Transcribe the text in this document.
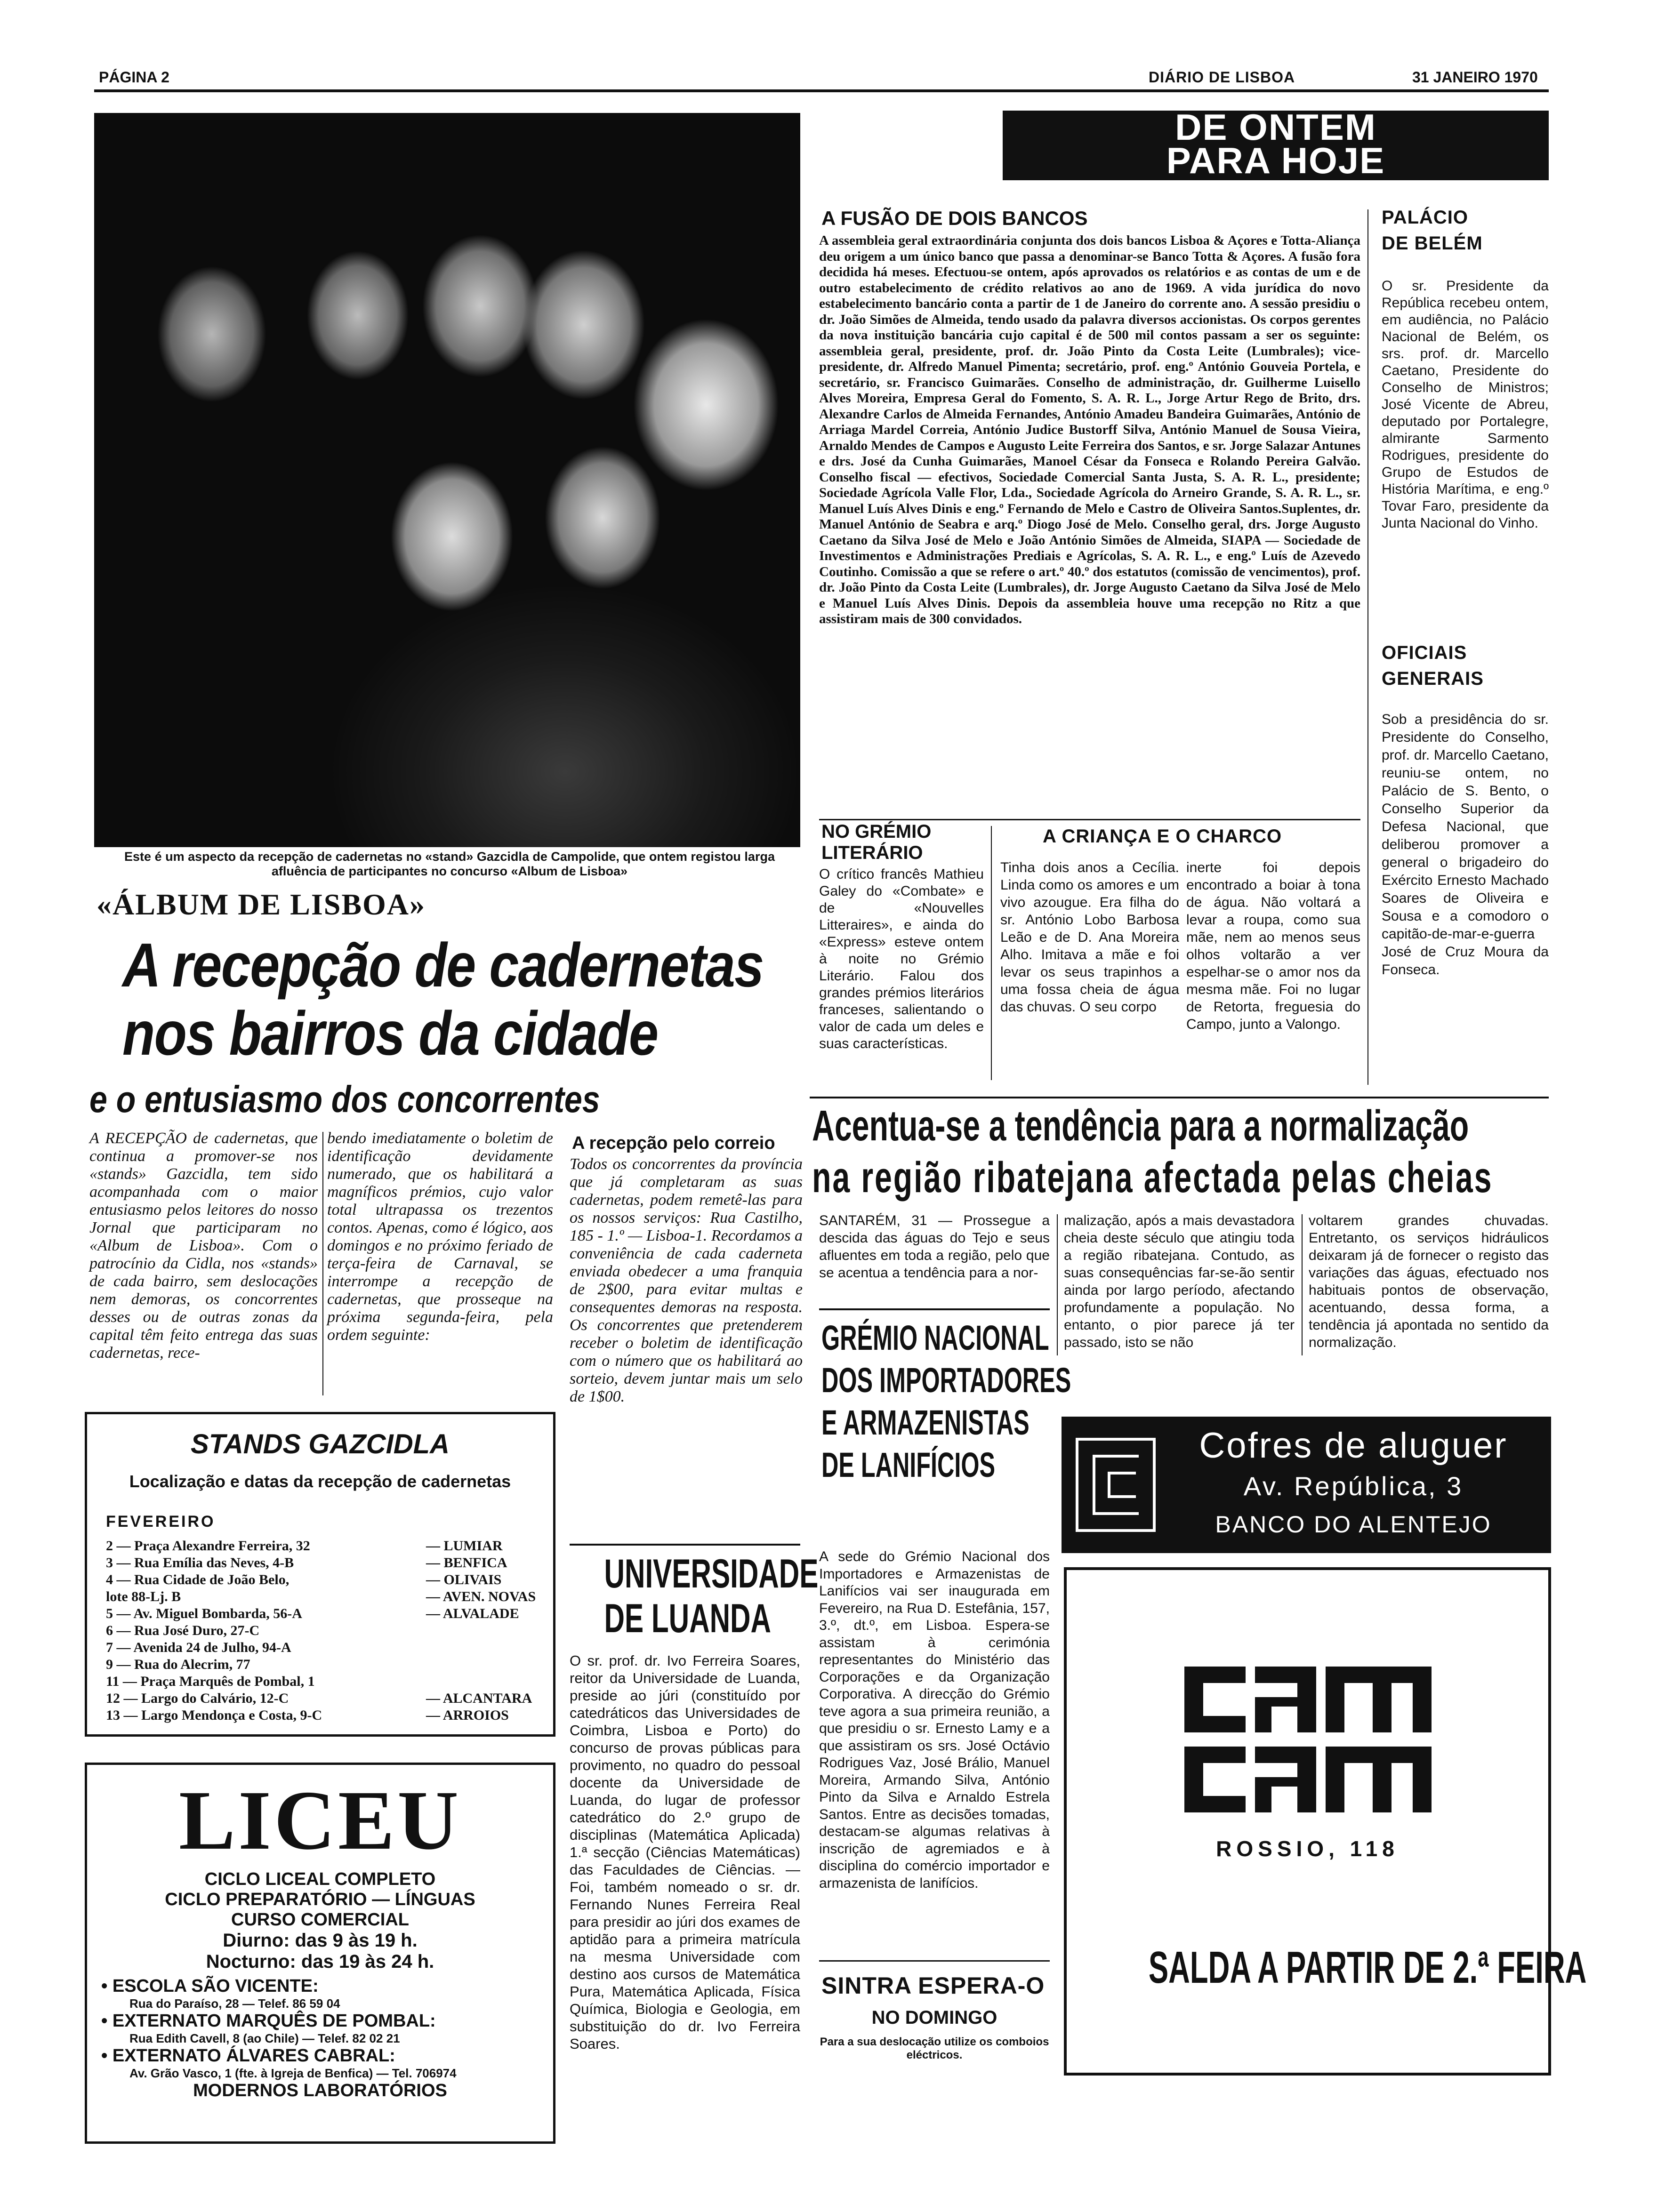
PÁGINA 2	DIÁRIO DE LISBOA	31 JANEIRO 1970
Este é um aspecto da recepção de cadernetas no «stand» Gazcidla de Campolide, que ontem registou larga afluência de participantes no concurso «Album de Lisboa»
«ÁLBUM DE LISBOA»
A recepção de cadernetas
nos bairros da cidade
e o entusiasmo dos concorrentes
A RECEPÇÃO de cadernetas, que continua a promover-se nos «stands» Gazcidla, tem sido acompanhada com o maior entusiasmo pelos leitores do nosso Jornal que participaram no «Album de Lisboa». Com o patrocínio da Cidla, nos «stands» de cada bairro, sem deslocações nem demoras, os concorrentes desses ou de outras zonas da capital têm feito entrega das suas cadernetas, rece-
bendo imediatamente o boletim de identificação devidamente numerado, que os habilitará a magníficos prémios, cujo valor total ultrapassa os trezentos contos. Apenas, como é lógico, aos domingos e no próximo feriado de terça-feira de Carnaval, se interrompe a recepção de cadernetas, que prosseque na próxima segunda-feira, pela ordem seguinte:
A recepção pelo correio
Todos os concorrentes da província que já completaram as suas cadernetas, podem remetê-las para os nossos serviços: Rua Castilho, 185 - 1.º — Lisboa-1. Recordamos a conveniência de cada caderneta enviada obedecer a uma franquia de 2$00, para evitar multas e consequentes demoras na resposta. Os concorrentes que pretenderem receber o boletim de identificação com o número que os habilitará ao sorteio, devem juntar mais um selo de 1$00.
STANDS GAZCIDLA
Localização e datas da recepção de cadernetas
FEVEREIRO
2 — Praça Alexandre Ferreira, 32	— LUMIAR
3 — Rua Emília das Neves, 4-B	— BENFICA
4 — Rua Cidade de João Belo,	— OLIVAIS
lote 88-Lj. B	— AVEN. NOVAS
5 — Av. Miguel Bombarda, 56-A	— ALVALADE
6 — Rua José Duro, 27-C
7 — Avenida 24 de Julho, 94-A
9 — Rua do Alecrim, 77
11 — Praça Marquês de Pombal, 1
12 — Largo do Calvário, 12-C	— ALCANTARA
13 — Largo Mendonça e Costa, 9-C	— ARROIOS
LICEU
CICLO LICEAL COMPLETO
CICLO PREPARATÓRIO — LÍNGUAS
CURSO COMERCIAL
Diurno: das 9 às 19 h.
Nocturno: das 19 às 24 h.
• ESCOLA SÃO VICENTE:
Rua do Paraíso, 28 — Telef. 86 59 04
• EXTERNATO MARQUÊS DE POMBAL:
Rua Edith Cavell, 8 (ao Chile) — Telef. 82 02 21
• EXTERNATO ÁLVARES CABRAL:
Av. Grão Vasco, 1 (fte. à Igreja de Benfica) — Tel. 706974
MODERNOS LABORATÓRIOS
UNIVERSIDADE
DE LUANDA
O sr. prof. dr. Ivo Ferreira Soares, reitor da Universidade de Luanda, preside ao júri (constituído por catedráticos das Universidades de Coimbra, Lisboa e Porto) do concurso de provas públicas para provimento, no quadro do pessoal docente da Universidade de Luanda, do lugar de professor catedrático do 2.º grupo de disciplinas (Matemática Aplicada) 1.ª secção (Ciências Matemáticas) das Faculdades de Ciências. — Foi, também nomeado o sr. dr. Fernando Nunes Ferreira Real para presidir ao júri dos exames de aptidão para a primeira matrícula na mesma Universidade com destino aos cursos de Matemática Pura, Matemática Aplicada, Física Química, Biologia e Geologia, em substituição do dr. Ivo Ferreira Soares.
DE ONTEM
PARA HOJE
A FUSÃO DE DOIS BANCOS
A assembleia geral extraordinária conjunta dos dois bancos Lisboa & Açores e Totta-Aliança deu origem a um único banco que passa a denominar-se Banco Totta & Açores. A fusão fora decidida há meses. Efectuou-se ontem, após aprovados os relatórios e as contas de um e de outro estabelecimento de crédito relativos ao ano de 1969. A vida jurídica do novo estabelecimento bancário conta a partir de 1 de Janeiro do corrente ano. A sessão presidiu o dr. João Simões de Almeida, tendo usado da palavra diversos accionistas. Os corpos gerentes da nova instituição bancária cujo capital é de 500 mil contos passam a ser os seguinte: assembleia geral, presidente, prof. dr. João Pinto da Costa Leite (Lumbrales); vice-presidente, dr. Alfredo Manuel Pimenta; secretário, prof. eng.º António Gouveia Portela, e secretário, sr. Francisco Guimarães. Conselho de administração, dr. Guilherme Luisello Alves Moreira, Empresa Geral do Fomento, S. A. R. L., Jorge Artur Rego de Brito, drs. Alexandre Carlos de Almeida Fernandes, António Amadeu Bandeira Guimarães, António de Arriaga Mardel Correia, António Judice Bustorff Silva, António Manuel de Sousa Vieira, Arnaldo Mendes de Campos e Augusto Leite Ferreira dos Santos, e sr. Jorge Salazar Antunes e drs. José da Cunha Guimarães, Manoel César da Fonseca e Rolando Pereira Galvão. Conselho fiscal — efectivos, Sociedade Comercial Santa Justa, S. A. R. L., presidente; Sociedade Agrícola Valle Flor, Lda., Sociedade Agrícola do Arneiro Grande, S. A. R. L., sr. Manuel Luís Alves Dinis e eng.º Fernando de Melo e Castro de Oliveira Santos.Suplentes, dr. Manuel António de Seabra e arq.º Diogo José de Melo. Conselho geral, drs. Jorge Augusto Caetano da Silva José de Melo e João António Simões de Almeida, SIAPA — Sociedade de Investimentos e Administrações Prediais e Agrícolas, S. A. R. L., e eng.º Luís de Azevedo Coutinho. Comissão a que se refere o art.º 40.º dos estatutos (comissão de vencimentos), prof. dr. João Pinto da Costa Leite (Lumbrales), dr. Jorge Augusto Caetano da Silva José de Melo e Manuel Luís Alves Dinis. Depois da assembleia houve uma recepção no Ritz a que assistiram mais de 300 convidados.
PALÁCIO
DE BELÉM
O sr. Presidente da República recebeu ontem, em audiência, no Palácio Nacional de Belém, os srs. prof. dr. Marcello Caetano, Presidente do Conselho de Ministros; José Vicente de Abreu, deputado por Portalegre, almirante Sarmento Rodrigues, presidente do Grupo de Estudos de História Marítima, e eng.º Tovar Faro, presidente da Junta Nacional do Vinho.
OFICIAIS
GENERAIS
Sob a presidência do sr. Presidente do Conselho, prof. dr. Marcello Caetano, reuniu-se ontem, no Palácio de S. Bento, o Conselho Superior da Defesa Nacional, que deliberou promover a general o brigadeiro do Exército Ernesto Machado Soares de Oliveira e Sousa e a comodoro o capitão-de-mar-e-guerra José de Cruz Moura da Fonseca.
NO GRÉMIO
LITERÁRIO
O crítico francês Mathieu Galey do «Combate» e de «Nouvelles Litteraires», e ainda do «Express» esteve ontem à noite no Grémio Literário. Falou dos grandes prémios literários franceses, salientando o valor de cada um deles e suas características.
A CRIANÇA E O CHARCO
Tinha dois anos a Cecília. Linda como os amores e um vivo azougue. Era filha do sr. António Lobo Barbosa Leão e de D. Ana Moreira Alho. Imitava a mãe e foi levar os seus trapinhos a uma fossa cheia de água das chuvas. O seu corpo
inerte foi depois encontrado a boiar à tona de água. Não voltará a levar a roupa, como sua mãe, nem ao menos seus olhos voltarão a ver espelhar-se o amor nos da mesma mãe. Foi no lugar de Retorta, freguesia do Campo, junto a Valongo.
Acentua-se a tendência para a normalização
na região ribatejana afectada pelas cheias
SANTARÉM, 31 — Prossegue a descida das águas do Tejo e seus afluentes em toda a região, pelo que se acentua a tendência para a nor-
malização, após a mais devastadora cheia deste século que atingiu toda a região ribatejana. Contudo, as suas consequências far-se-ão sentir ainda por largo período, afectando profundamente a população. No entanto, o pior parece já ter passado, isto se não
voltarem grandes chuvadas. Entretanto, os serviços hidráulicos deixaram já de fornecer o registo das variações das águas, efectuado nos habituais pontos de observação, acentuando, dessa forma, a tendência já apontada no sentido da normalização.
GRÉMIO NACIONAL
DOS IMPORTADORES
E ARMAZENISTAS
DE LANIFÍCIOS
A sede do Grémio Nacional dos Importadores e Armazenistas de Lanifícios vai ser inaugurada em Fevereiro, na Rua D. Estefânia, 157, 3.º, dt.º, em Lisboa. Espera-se assistam à cerimónia representantes do Ministério das Corporações e da Organização Corporativa. A direcção do Grémio teve agora a sua primeira reunião, a que presidiu o sr. Ernesto Lamy e a que assistiram os srs. José Octávio Rodrigues Vaz, José Brálio, Manuel Moreira, Armando Silva, António Pinto da Silva e Arnaldo Estrela Santos. Entre as decisões tomadas, destacam-se algumas relativas à inscrição de agremiados e à disciplina do comércio importador e armazenista de lanifícios.
SINTRA ESPERA-O
NO DOMINGO
Para a sua deslocação utilize os comboios eléctricos.
Cofres de aluguer
Av. República, 3
BANCO DO ALENTEJO
ROSSIO, 118
SALDA A PARTIR DE 2.ª FEIRA
